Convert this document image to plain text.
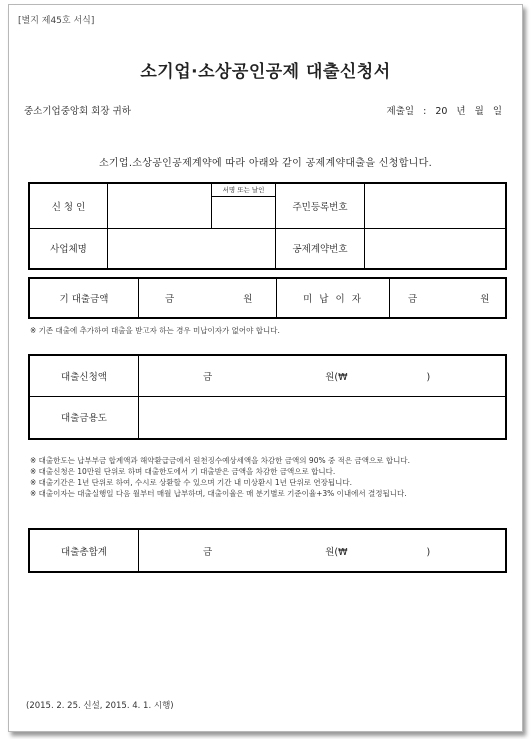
[별지 제45호 서식]
소기업·소상공인공제 대출신청서
중소기업중앙회 회장 귀하	제출일 : 20 년 월 일
소기업.소상공인공제계약에 따라 아래와 같이 공제계약대출을 신청합니다.
신 청 인		서명 또는 날인	주민등록번호	
사업체명			공제계약번호	
기 대출금액	금	원	미 납 이 자	금	원
※ 기존 대출에 추가하여 대출을 받고자 하는 경우 미납이자가 없어야 합니다.
대출신청액	금 원(₩ )
대출금용도	
※ 대출한도는 납부부금 합계액과 해약환급금에서 원천징수예상세액을 차감한 금액의 90% 중 적은 금액으로 합니다.
※ 대출신청은 10만원 단위로 하며 대출한도에서 기 대출받은 금액을 차감한 금액으로 합니다.
※ 대출기간은 1년 단위로 하여, 수시로 상환할 수 있으며 기간 내 미상환시 1년 단위로 연장됩니다.
※ 대출이자는 대출실행일 다음 월부터 매월 납부하며, 대출이율은 매 분기별로 기준이율+3% 이내에서 결정됩니다.
대출총합계	금	원(₩	)
(2015. 2. 25. 신설, 2015. 4. 1. 시행)
